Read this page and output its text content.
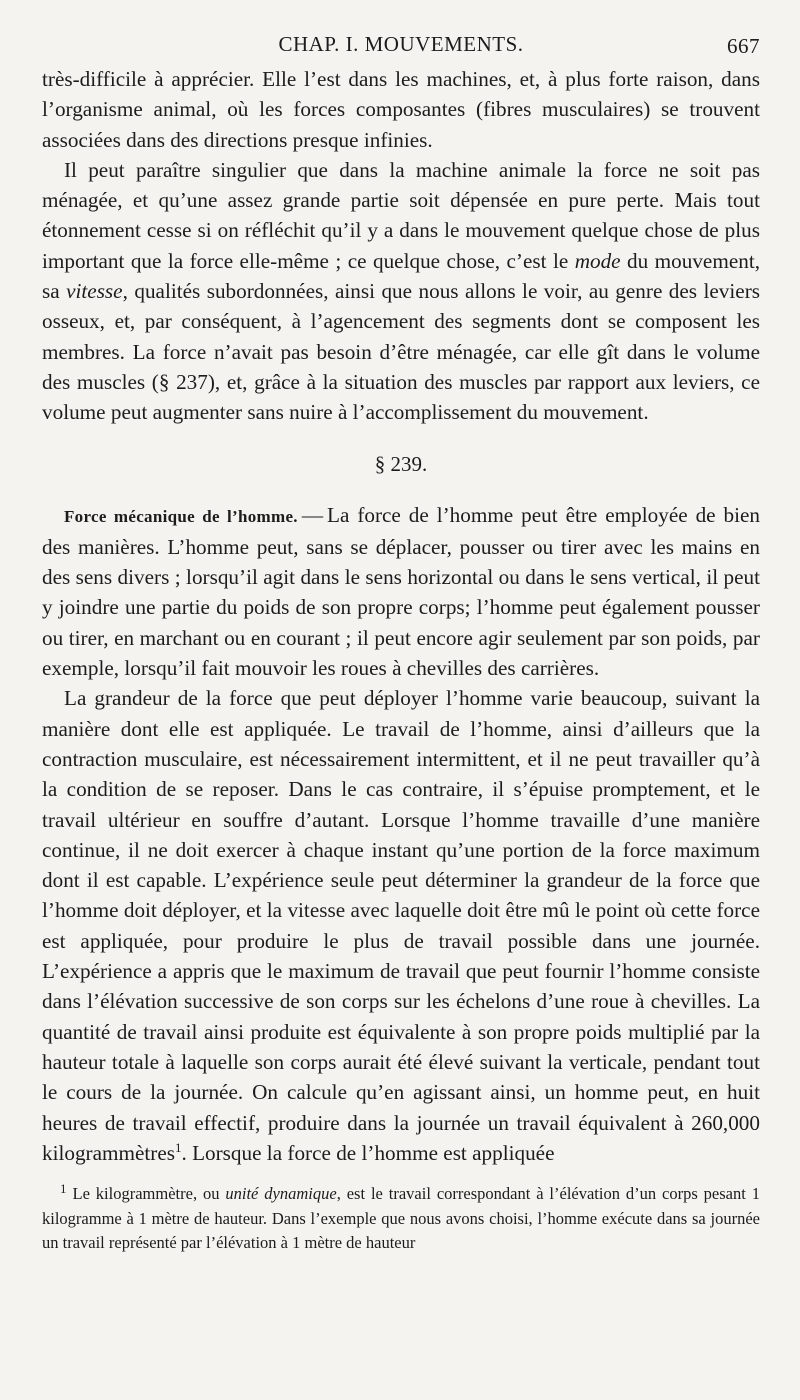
CHAP. I. MOUVEMENTS.	667

très-difficile à apprécier. Elle l’est dans les machines, et, à plus forte raison, dans l’organisme animal, où les forces composantes (fibres musculaires) se trouvent associées dans des directions presque infinies.

Il peut paraître singulier que dans la machine animale la force ne soit pas ménagée, et qu’une assez grande partie soit dépensée en pure perte. Mais tout étonnement cesse si on réfléchit qu’il y a dans le mouvement quelque chose de plus important que la force elle-même ; ce quelque chose, c’est le mode du mouvement, sa vitesse, qualités subordonnées, ainsi que nous allons le voir, au genre des leviers osseux, et, par conséquent, à l’agencement des segments dont se composent les membres. La force n’avait pas besoin d’être ménagée, car elle gît dans le volume des muscles (§ 237), et, grâce à la situation des muscles par rapport aux leviers, ce volume peut augmenter sans nuire à l’accomplissement du mouvement.

§ 239.

Force mécanique de l’homme. — La force de l’homme peut être employée de bien des manières. L’homme peut, sans se déplacer, pousser ou tirer avec les mains en des sens divers ; lorsqu’il agit dans le sens horizontal ou dans le sens vertical, il peut y joindre une partie du poids de son propre corps; l’homme peut également pousser ou tirer, en marchant ou en courant ; il peut encore agir seulement par son poids, par exemple, lorsqu’il fait mouvoir les roues à chevilles des carrières.

La grandeur de la force que peut déployer l’homme varie beaucoup, suivant la manière dont elle est appliquée. Le travail de l’homme, ainsi d’ailleurs que la contraction musculaire, est nécessairement intermittent, et il ne peut travailler qu’à la condition de se reposer. Dans le cas contraire, il s’épuise promptement, et le travail ultérieur en souffre d’autant. Lorsque l’homme travaille d’une manière continue, il ne doit exercer à chaque instant qu’une portion de la force maximum dont il est capable. L’expérience seule peut déterminer la grandeur de la force que l’homme doit déployer, et la vitesse avec laquelle doit être mû le point où cette force est appliquée, pour produire le plus de travail possible dans une journée. L’expérience a appris que le maximum de travail que peut fournir l’homme consiste dans l’élévation successive de son corps sur les échelons d’une roue à chevilles. La quantité de travail ainsi produite est équivalente à son propre poids multiplié par la hauteur totale à laquelle son corps aurait été élevé suivant la verticale, pendant tout le cours de la journée. On calcule qu’en agissant ainsi, un homme peut, en huit heures de travail effectif, produire dans la journée un travail équivalent à 260,000 kilogrammètres$^1$. Lorsque la force de l’homme est appliquée

$^1$ Le kilogrammètre, ou unité dynamique, est le travail correspondant à l’élévation d’un corps pesant 1 kilogramme à 1 mètre de hauteur. Dans l’exemple que nous avons choisi, l’homme exécute dans sa journée un travail représenté par l’élévation à 1 mètre de hauteur
